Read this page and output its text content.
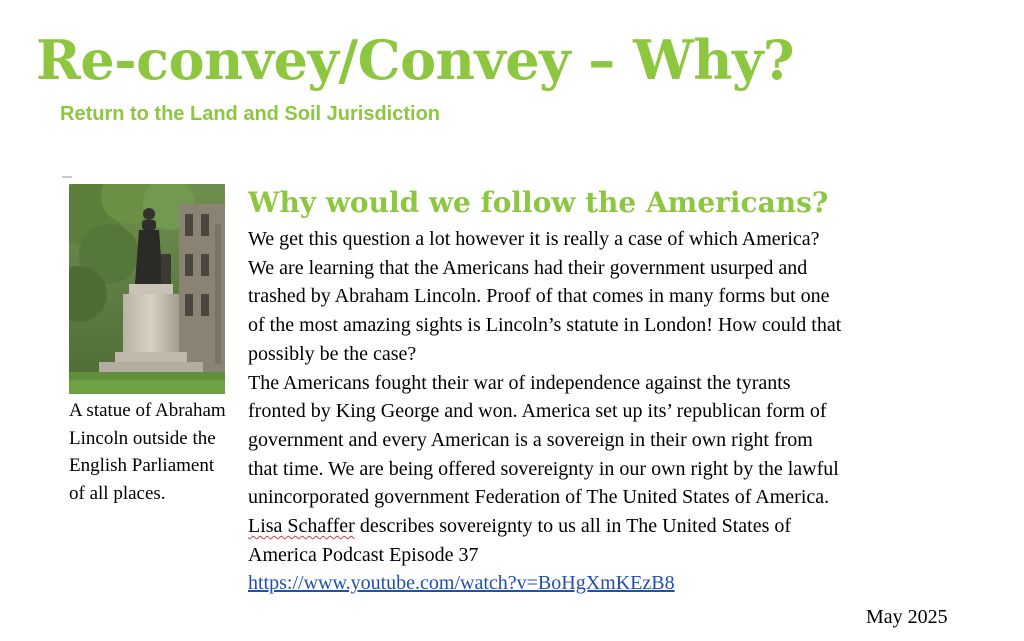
Re-convey/Convey – Why?
Return to the Land and Soil Jurisdiction
A statue of Abraham Lincoln outside the English Parliament of all places.
Why would we follow the Americans?

We get this question a lot however it is really a case of which America?

We are learning that the Americans had their government usurped and

trashed by Abraham Lincoln. Proof of that comes in many forms but one

of the most amazing sights is Lincoln’s statute in London! How could that

possibly be the case?

The Americans fought their war of independence against the tyrants

fronted by King George and won. America set up its’ republican form of

government and every American is a sovereign in their own right from

that time. We are being offered sovereignty in our own right by the lawful

unincorporated government Federation of The United States of America.

Lisa Schaffer describes sovereignty to us all in The United States of

America Podcast Episode 37

https://www.youtube.com/watch?v=BoHgXmKEzB8

May 2025
